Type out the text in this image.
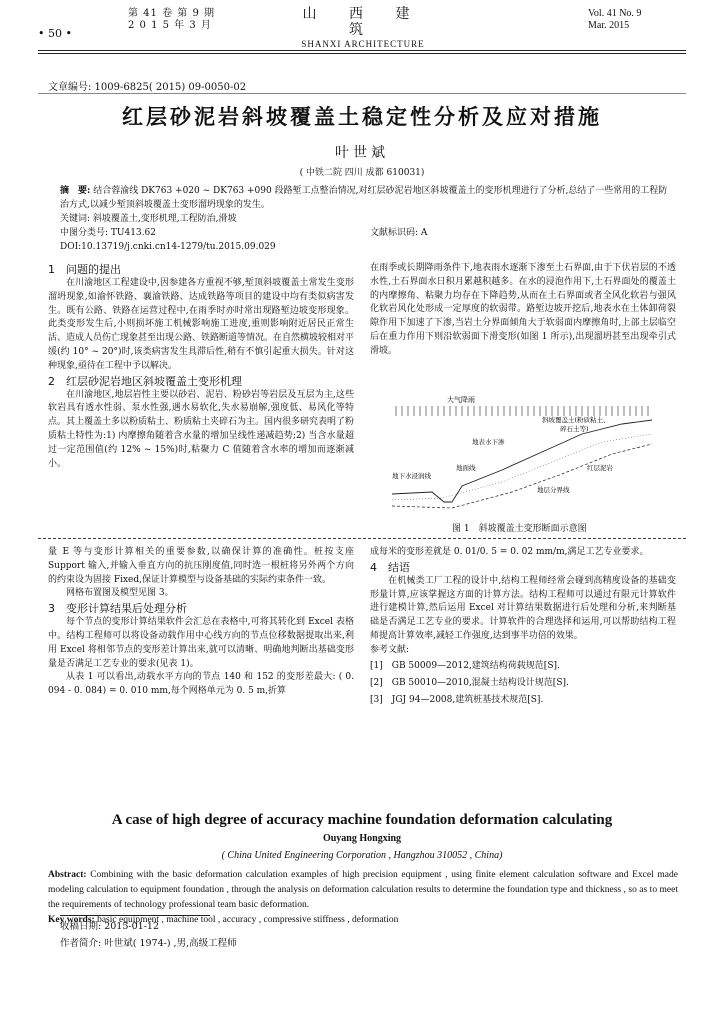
• 50 •
第 41 卷 第 9 期
2 0 1 5 年 3 月
山 西 建 筑
SHANXI ARCHITECTURE
Vol. 41 No. 9
Mar. 2015
文章编号: 1009-6825( 2015) 09-0050-02
红层砂泥岩斜坡覆盖土稳定性分析及应对措施
叶世斌
( 中铁二院 四川 成都 610031)
摘　要: 结合蓉渝线 DK763 +020 ~ DK763 +090 段路堑工点整治情况,对红层砂泥岩地区斜坡覆盖土的变形机理进行了分析,总结了一些常用的工程防治方式,以减少堑顶斜坡覆盖土变形溜坍现象的发生。
关键词: 斜坡覆盖土,变形机理,工程防治,滑坡
中图分类号: TU413.62	文献标识码: A
DOI:10.13719/j.cnki.cn14-1279/tu.2015.09.029
1　问题的提出

在川渝地区工程建设中,因参建各方重视不够,堑顶斜坡覆盖土常发生变形溜坍现象,如渝怀铁路、襄渝铁路、达成铁路等项目的建设中均有类似病害发生。既有公路、铁路在运营过程中,在雨季时亦时常出现路堑边坡变形现象。此类变形发生后,小则损坏施工机械影响施工进度,重则影响附近居民正常生活、造成人员伤亡现象甚至出现公路、铁路断道等情况。在自然横坡较相对平缓(约 10° ~ 20°)时,该类病害发生具滞后性,稍有不慎引起重大损失。针对这种现象,亟待在工程中予以解决。

2　红层砂泥岩地区斜坡覆盖土变形机理

在川渝地区,地层岩性主要以砂岩、泥岩、粉砂岩等岩层及互层为主,这些软岩具有透水性弱、泵水性强,遇水易软化,失水易崩解,强度低、易风化等特点。其上覆盖土多以粉质粘土、粉质粘土夹碎石为主。国内很多研究表明了粉质粘土特性为:1) 内摩擦角随着含水量的增加呈线性递减趋势;2) 当含水量超过一定范围值(约 12% ~ 15%)时,粘聚力 C 值随着含水率的增加而逐渐减小。

在雨季或长期降雨条件下,地表雨水逐渐下渗至土石界面,由于下伏岩层的不透水性,土石界面水日积月累越积越多。在水的浸泡作用下,土石界面处的覆盖土的内摩擦角、粘聚力均存在下降趋势,从而在土石界面或者全风化软岩与强风化软岩风化处形成一定厚度的软弱带。路堑边坡开挖后,地表水在土体卸荷裂隙作用下加速了下渗,当岩土分界面倾角大于软弱面内摩擦角时,上部土层临空后在重力作用下则沿软弱面下滑变形(如图 1 所示),出现溜坍甚至出现牵引式滑坡。

大气降雨
斜坡覆盖土(粉质粘土、
碎石土等)
地表水下渗
地面线
地下水浸润线
红层泥岩
地层分界线
图 1　斜坡覆盖土变形断面示意图

量 E 等与变形计算相关的重要参数,以确保计算的准确性。桩按支座 Support 输入,并输入垂直方向的抗压刚度值,同时选一根桩将另外两个方向的约束设为固接 Fixed,保证计算模型与设备基础的实际约束条件一致。

网格布置图及模型见图 3。

3　变形计算结果后处理分析

每个节点的变形计算结果软件会汇总在表格中,可将其转化到 Excel 表格中。结构工程师可以将设备动载作用中心线方向的节点位移数据提取出来,利用 Excel 将相邻节点的变形差计算出来,就可以清晰、明确地判断出基础变形量是否满足工艺专业的要求(见表 1)。

从表 1 可以看出,动载水平方向的节点 140 和 152 的变形差最大: ( 0. 094 - 0. 084) = 0. 010 mm,每个网格单元为 0. 5 m,折算

成每米的变形差就是 0. 01/0. 5 = 0. 02 mm/m,满足工艺专业要求。

4　结语

在机械类工厂工程的设计中,结构工程师经常会碰到高精度设备的基础变形量计算,应该掌握这方面的计算方法。结构工程师可以通过有限元计算软件进行建模计算,然后运用 Excel 对计算结果数据进行后处理和分析,来判断基础是否满足工艺专业的要求。计算软件的合理选择和运用,可以帮助结构工程师提高计算效率,减轻工作强度,达到事半功倍的效果。

参考文献:
[1]　GB 50009—2012,建筑结构荷载规范[S].
[2]　GB 50010—2010,混凝土结构设计规范[S].
[3]　JGJ 94—2008,建筑桩基技术规范[S].
A case of high degree of accuracy machine foundation deformation calculating
Ouyang Hongxing
( China United Engineering Corporation , Hangzhou 310052 , China)
Abstract: Combining with the basic deformation calculation examples of high precision equipment , using finite element calculation software and Excel made modeling calculation to equipment foundation , through the analysis on deformation calculation results to determine the foundation type and thickness , so as to meet the requirements of technology professional team basic deformation.
Key words: basic equipment , machine tool , accuracy , compressive stiffness , deformation
收稿日期: 2015-01-12
作者简介: 叶世斌( 1974-) ,男,高级工程师
